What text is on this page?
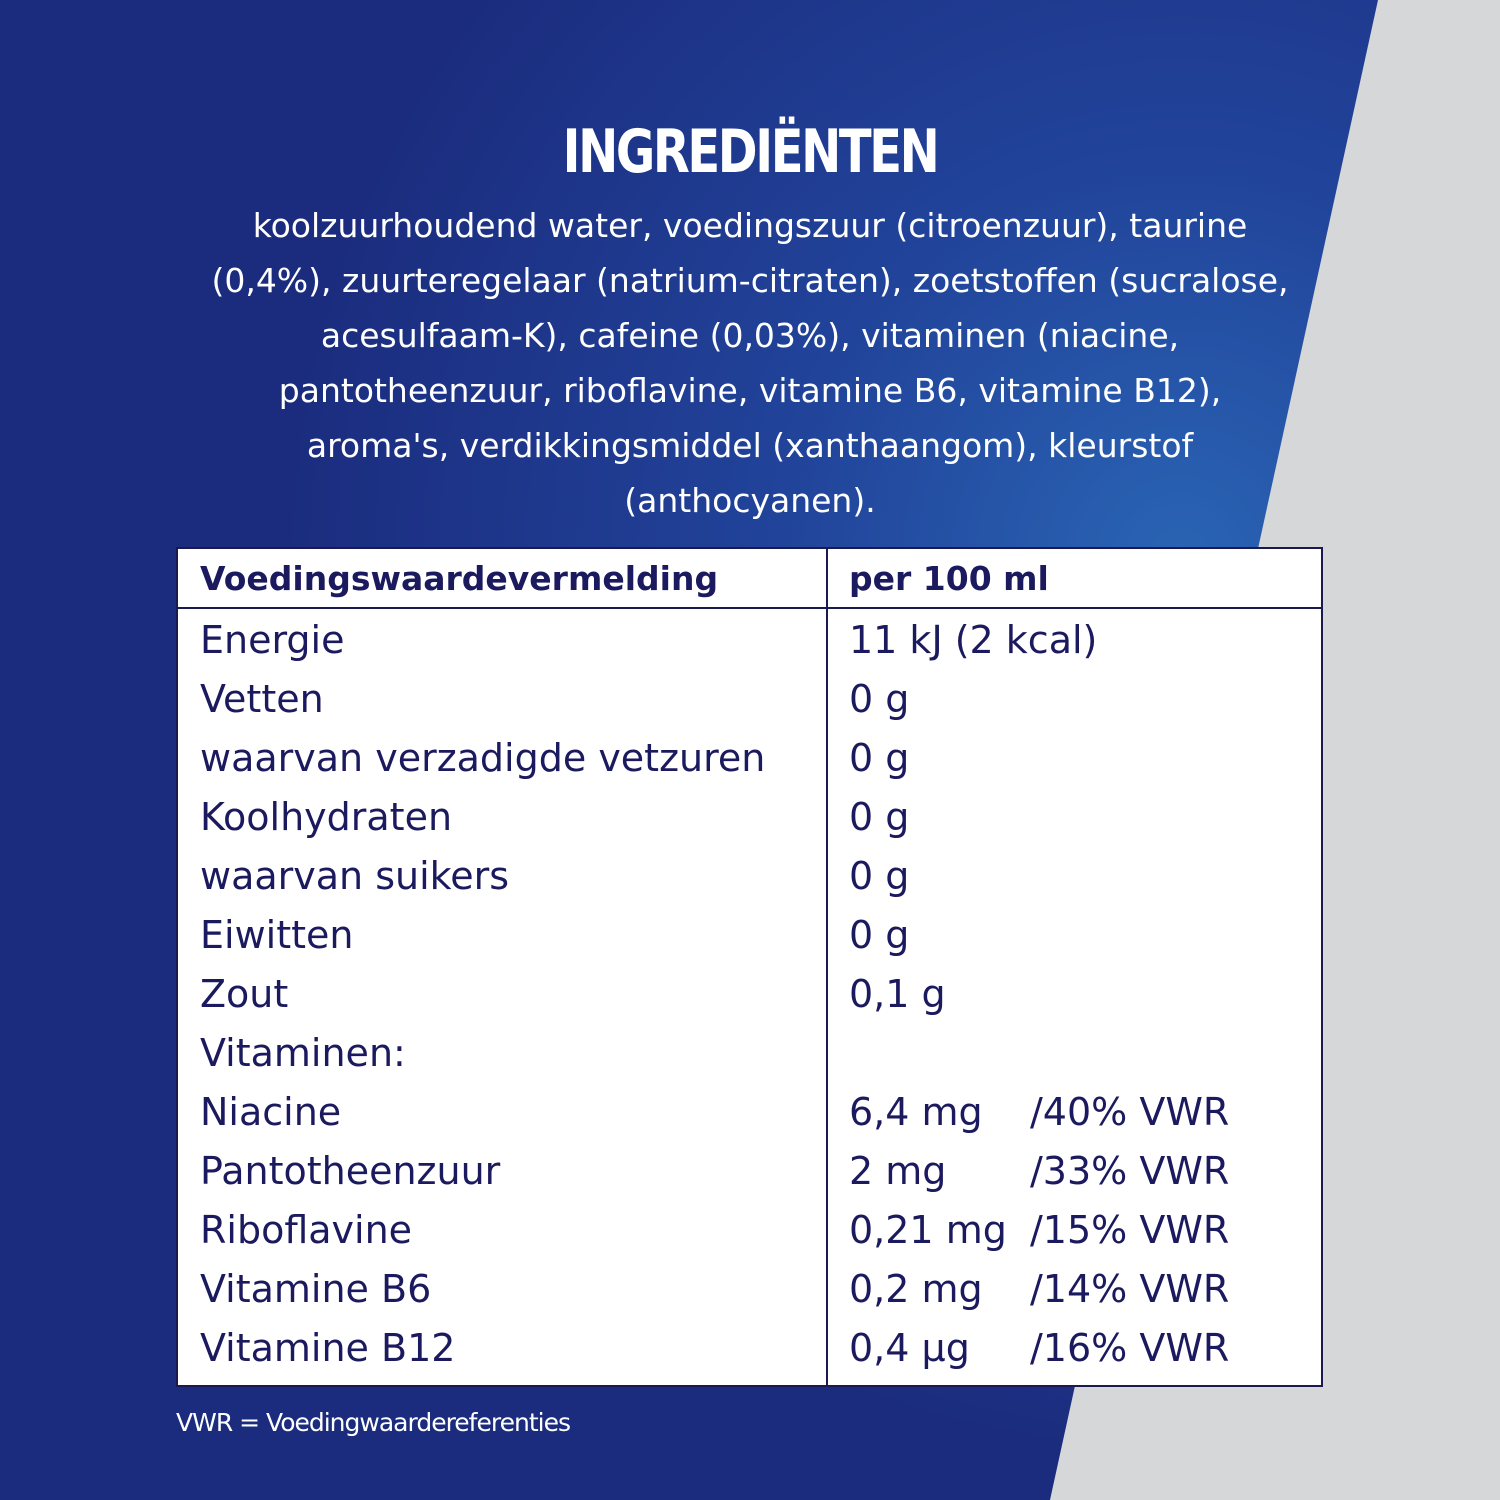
INGREDIËNTEN
koolzuurhoudend water, voedingszuur (citroenzuur), taurine
(0,4%), zuurteregelaar (natrium-citraten), zoetstoffen (sucralose,
acesulfaam-K), cafeine (0,03%), vitaminen (niacine,
pantotheenzuur, riboflavine, vitamine B6, vitamine B12),
aroma's, verdikkingsmiddel (xanthaangom), kleurstof
(anthocyanen).
Voedingswaardevermelding	per 100 ml
Energie	11 kJ (2 kcal)
Vetten	0 g
waarvan verzadigde vetzuren 0 g
Koolhydraten	0 g
waarvan suikers	0 g
Eiwitten	0 g
Zout	0,1 g
Vitaminen:
Niacine	6,4 mg /40% VWR
Pantotheenzuur	2 mg /33% VWR
Riboflavine	0,21 mg /15% VWR
Vitamine B6	0,2 mg /14% VWR
Vitamine B12	0,4 µg /16% VWR
VWR = Voedingwaardereferenties
